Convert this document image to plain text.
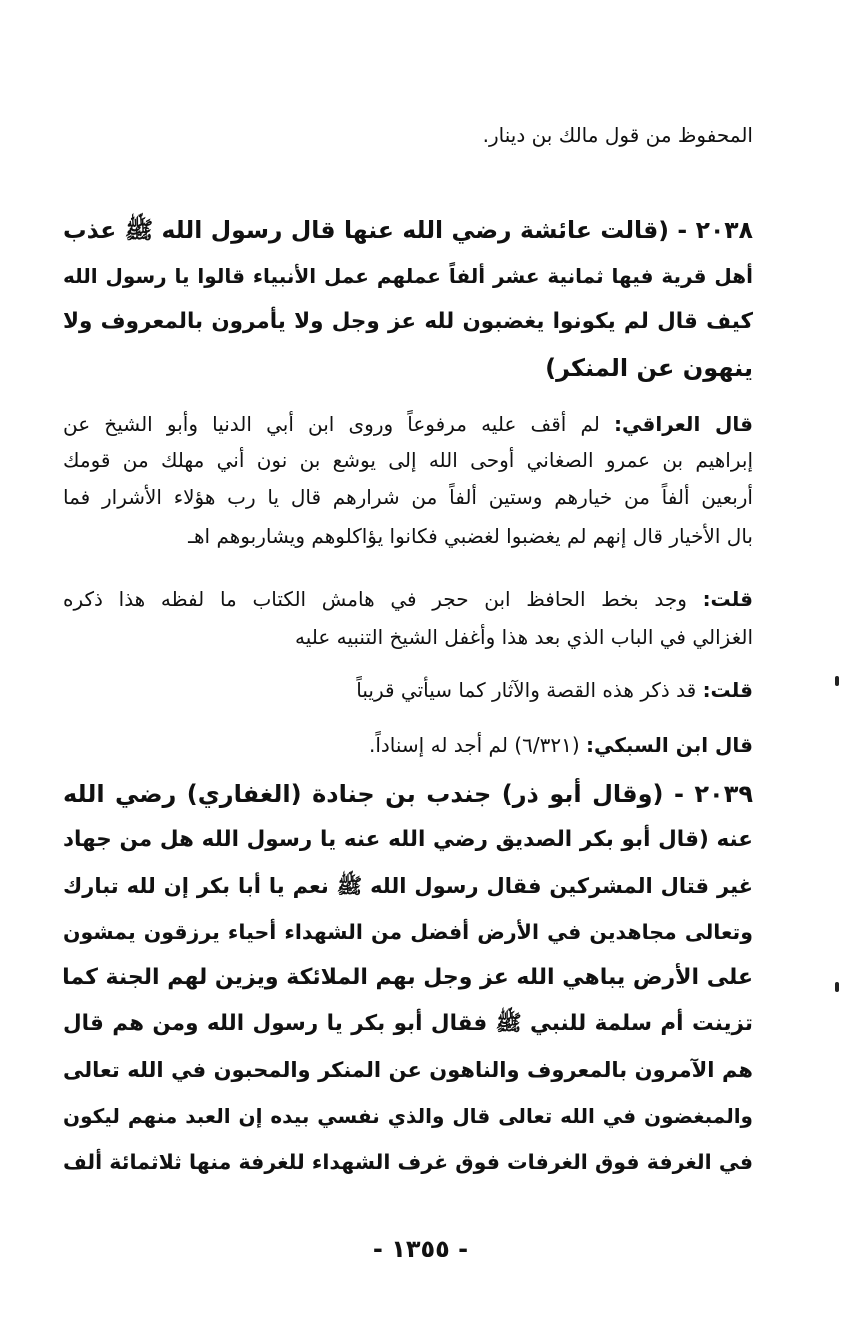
المحفوظ من قول مالك بن دينار.

٢٠٣٨ - (قالت عائشة رضي الله عنها قال رسول الله ﷺ عذب

أهل قرية فيها ثمانية عشر ألفاً عملهم عمل الأنبياء قالوا يا رسول الله

كيف قال لم يكونوا يغضبون لله عز وجل ولا يأمرون بالمعروف ولا

ينهون عن المنكر)

قال العراقي: لم أقف عليه مرفوعاً وروى ابن أبي الدنيا وأبو الشيخ عن

إبراهيم بن عمرو الصغاني أوحى الله إلى يوشع بن نون أني مهلك من قومك

أربعين ألفاً من خيارهم وستين ألفاً من شرارهم قال يا رب هؤلاء الأشرار فما

بال الأخيار قال إنهم لم يغضبوا لغضبي فكانوا يؤاكلوهم ويشاربوهم اهـ

قلت: وجد بخط الحافظ ابن حجر في هامش الكتاب ما لفظه هذا ذكره

الغزالي في الباب الذي بعد هذا وأغفل الشيخ التنبيه عليه

قلت: قد ذكر هذه القصة والآثار كما سيأتي قريباً

قال ابن السبكي: (٦/٣٢١) لم أجد له إسناداً.

٢٠٣٩ - (وقال أبو ذر) جندب بن جنادة (الغفاري) رضي الله

عنه (قال أبو بكر الصديق رضي الله عنه يا رسول الله هل من جهاد

غير قتال المشركين فقال رسول الله ﷺ نعم يا أبا بكر إن لله تبارك

وتعالى مجاهدين في الأرض أفضل من الشهداء أحياء يرزقون يمشون

على الأرض يباهي الله عز وجل بهم الملائكة ويزين لهم الجنة كما

تزينت أم سلمة للنبي ﷺ فقال أبو بكر يا رسول الله ومن هم قال

هم الآمرون بالمعروف والناهون عن المنكر والمحبون في الله تعالى

والمبغضون في الله تعالى قال والذي نفسي بيده إن العبد منهم ليكون

في الغرفة فوق الغرفات فوق غرف الشهداء للغرفة منها ثلاثمائة ألف

- ١٣٥٥ -
